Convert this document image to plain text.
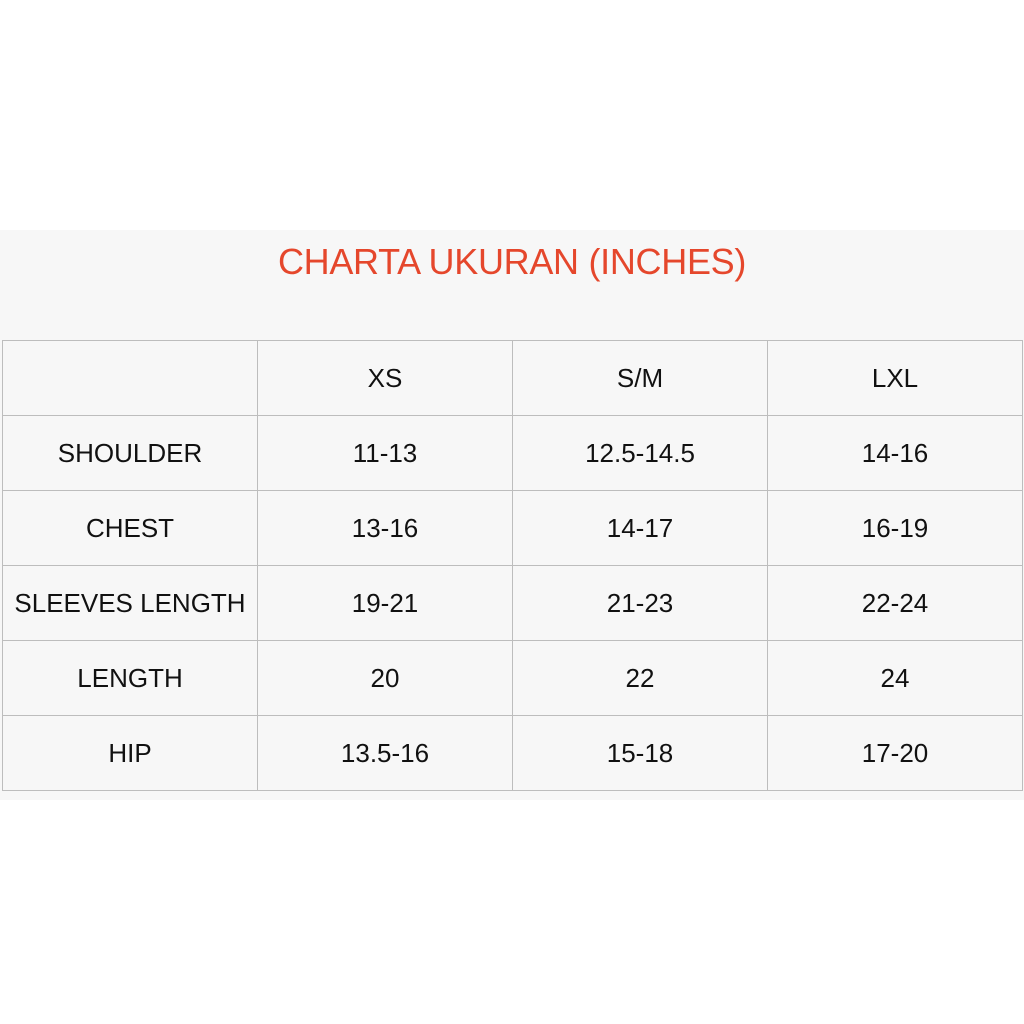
CHARTA UKURAN (INCHES)
	XS	S/M	LXL
SHOULDER	11-13	12.5-14.5	14-16
CHEST	13-16	14-17	16-19
SLEEVES LENGTH	19-21	21-23	22-24
LENGTH	20	22	24
HIP	13.5-16	15-18	17-20
